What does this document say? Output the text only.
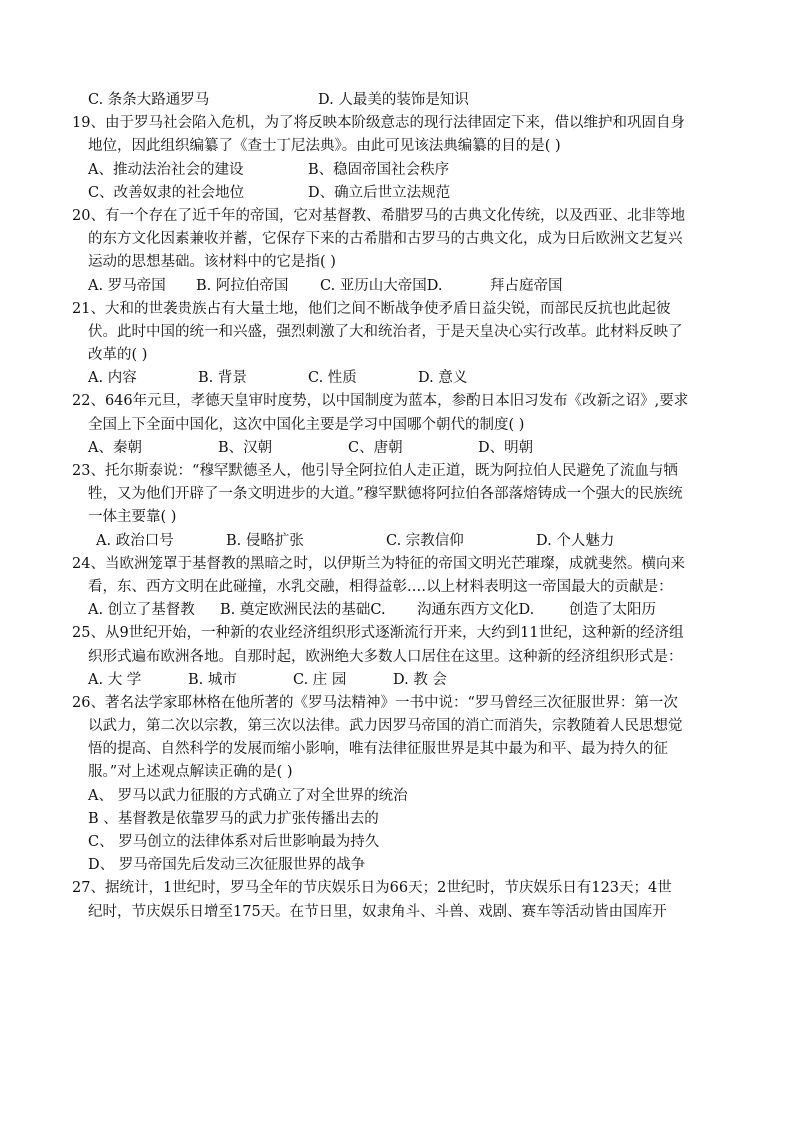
C. 条条大路通罗马	D. 人最美的装饰是知识
19、由于罗马社会陷入危机，为了将反映本阶级意志的现行法律固定下来，借以维护和巩固自身
地位，因此组织编纂了《查士丁尼法典》。由此可见该法典编纂的目的是( )
A、推动法治社会的建设	B、稳固帝国社会秩序
C、改善奴隶的社会地位	D、确立后世立法规范
20、有一个存在了近千年的帝国，它对基督教、希腊罗马的古典文化传统，以及西亚、北非等地
的东方文化因素兼收并蓄，它保存下来的古希腊和古罗马的古典文化，成为日后欧洲文艺复兴
运动的思想基础。该材料中的它是指( )
A. 罗马帝国 B. 阿拉伯帝国 C. 亚历山大帝国D.	拜占庭帝国
21、大和的世袭贵族占有大量土地，他们之间不断战争使矛盾日益尖锐，而部民反抗也此起彼
伏。此时中国的统一和兴盛，强烈刺激了大和统治者，于是天皇决心实行改革。此材料反映了
改革的( )
A. 内容	B. 背景	C. 性质	D. 意义
22、646年元旦，孝德天皇审时度势，以中国制度为蓝本，参酌日本旧习发布《改新之诏》,要求
全国上下全面中国化，这次中国化主要是学习中国哪个朝代的制度( )
A、秦朝	B、汉朝	C、唐朝	D、明朝
23、托尔斯泰说：“穆罕默德圣人，他引导全阿拉伯人走正道，既为阿拉伯人民避免了流血与牺
牲，又为他们开辟了一条文明进步的大道。”穆罕默德将阿拉伯各部落熔铸成一个强大的民族统
一体主要靠( )
A. 政治口号	B. 侵略扩张	C. 宗教信仰	D. 个人魅力
24、当欧洲笼罩于基督教的黑暗之时，以伊斯兰为特征的帝国文明光芒璀璨，成就斐然。横向来
看，东、西方文明在此碰撞，水乳交融，相得益彰.…以上材料表明这一帝国最大的贡献是：
A. 创立了基督教 B. 奠定欧洲民法的基础C. 沟通东西方文化D. 创造了太阳历
25、从9世纪开始，一种新的农业经济组织形式逐渐流行开来，大约到11世纪，这种新的经济组
织形式遍布欧洲各地。自那时起，欧洲绝大多数人口居住在这里。这种新的经济组织形式是：
A. 大 学	B. 城市	C. 庄 园	D. 教 会
26、著名法学家耶林格在他所著的《罗马法精神》一书中说：“罗马曾经三次征服世界：第一次
以武力，第二次以宗教，第三次以法律。武力因罗马帝国的消亡而消失，宗教随着人民思想觉
悟的提高、自然科学的发展而缩小影响，唯有法律征服世界是其中最为和平、最为持久的征
服。”对上述观点解读正确的是( )
A、 罗马以武力征服的方式确立了对全世界的统治
B 、基督教是依靠罗马的武力扩张传播出去的
C、 罗马创立的法律体系对后世影响最为持久
D、 罗马帝国先后发动三次征服世界的战争
27、据统计，1世纪时，罗马全年的节庆娱乐日为66天；2世纪时，节庆娱乐日有123天；4世
纪时，节庆娱乐日增至175天。在节日里，奴隶角斗、斗兽、戏剧、赛车等活动皆由国库开
